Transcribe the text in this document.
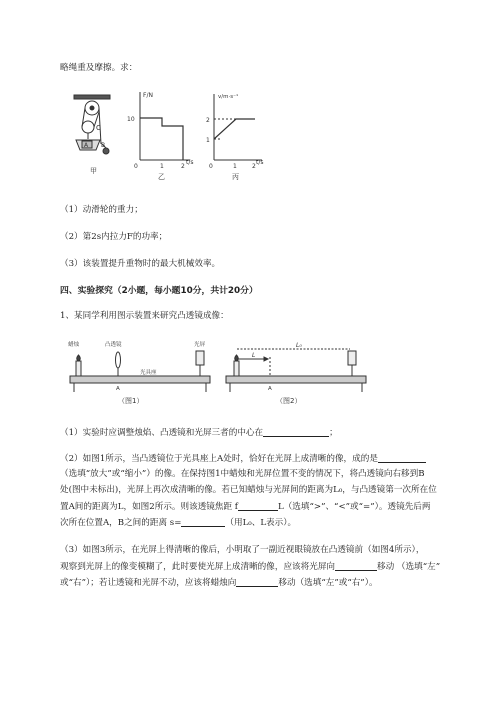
略绳重及摩擦。求：
C
A B
甲
F/N
10
0	1	2
t/s
乙
v/m·s⁻¹
2
1
0	1	2
t/s
丙
（1）动滑轮的重力；
（2）第2s内拉力F的功率；
（3）该装置提升重物时的最大机械效率。
四、实验探究（2小题，每小题10分，共计20分）
1、某同学利用图示装置来研究凸透镜成像：
蜡烛	凸透镜	光屏
光具座
A
（图1）
L
L₀
A
（图2）
（1）实验时应调整烛焰、凸透镜和光屏三者的中心在	；
（2）如图1所示，当凸透镜位于光具座上A处时，恰好在光屏上成清晰的像，成的是
（选填“放大”或“缩小”）的像。在保持图1中蜡烛和光屏位置不变的情况下，将凸透镜向右移到B
处(图中未标出)，光屏上再次成清晰的像。若已知蜡烛与光屏间的距离为L₀，与凸透镜第一次所在位
置A间的距离为L，如图2所示。则该透镜焦距 f	L（选填“>”、“<”或“=”）。透镜先后两
次所在位置A，B之间的距离 s=	（用L₀、L表示）。
（3）如图3所示，在光屏上得清晰的像后，小明取了一副近视眼镜放在凸透镜前（如图4所示），
观察到光屏上的像变模糊了，此时要使光屏上成清晰的像，应该将光屏向	移动 （选填“左”
或“右”）；若让透镜和光屏不动，应该将蜡烛向	移动（选填“左”或“右”）。
